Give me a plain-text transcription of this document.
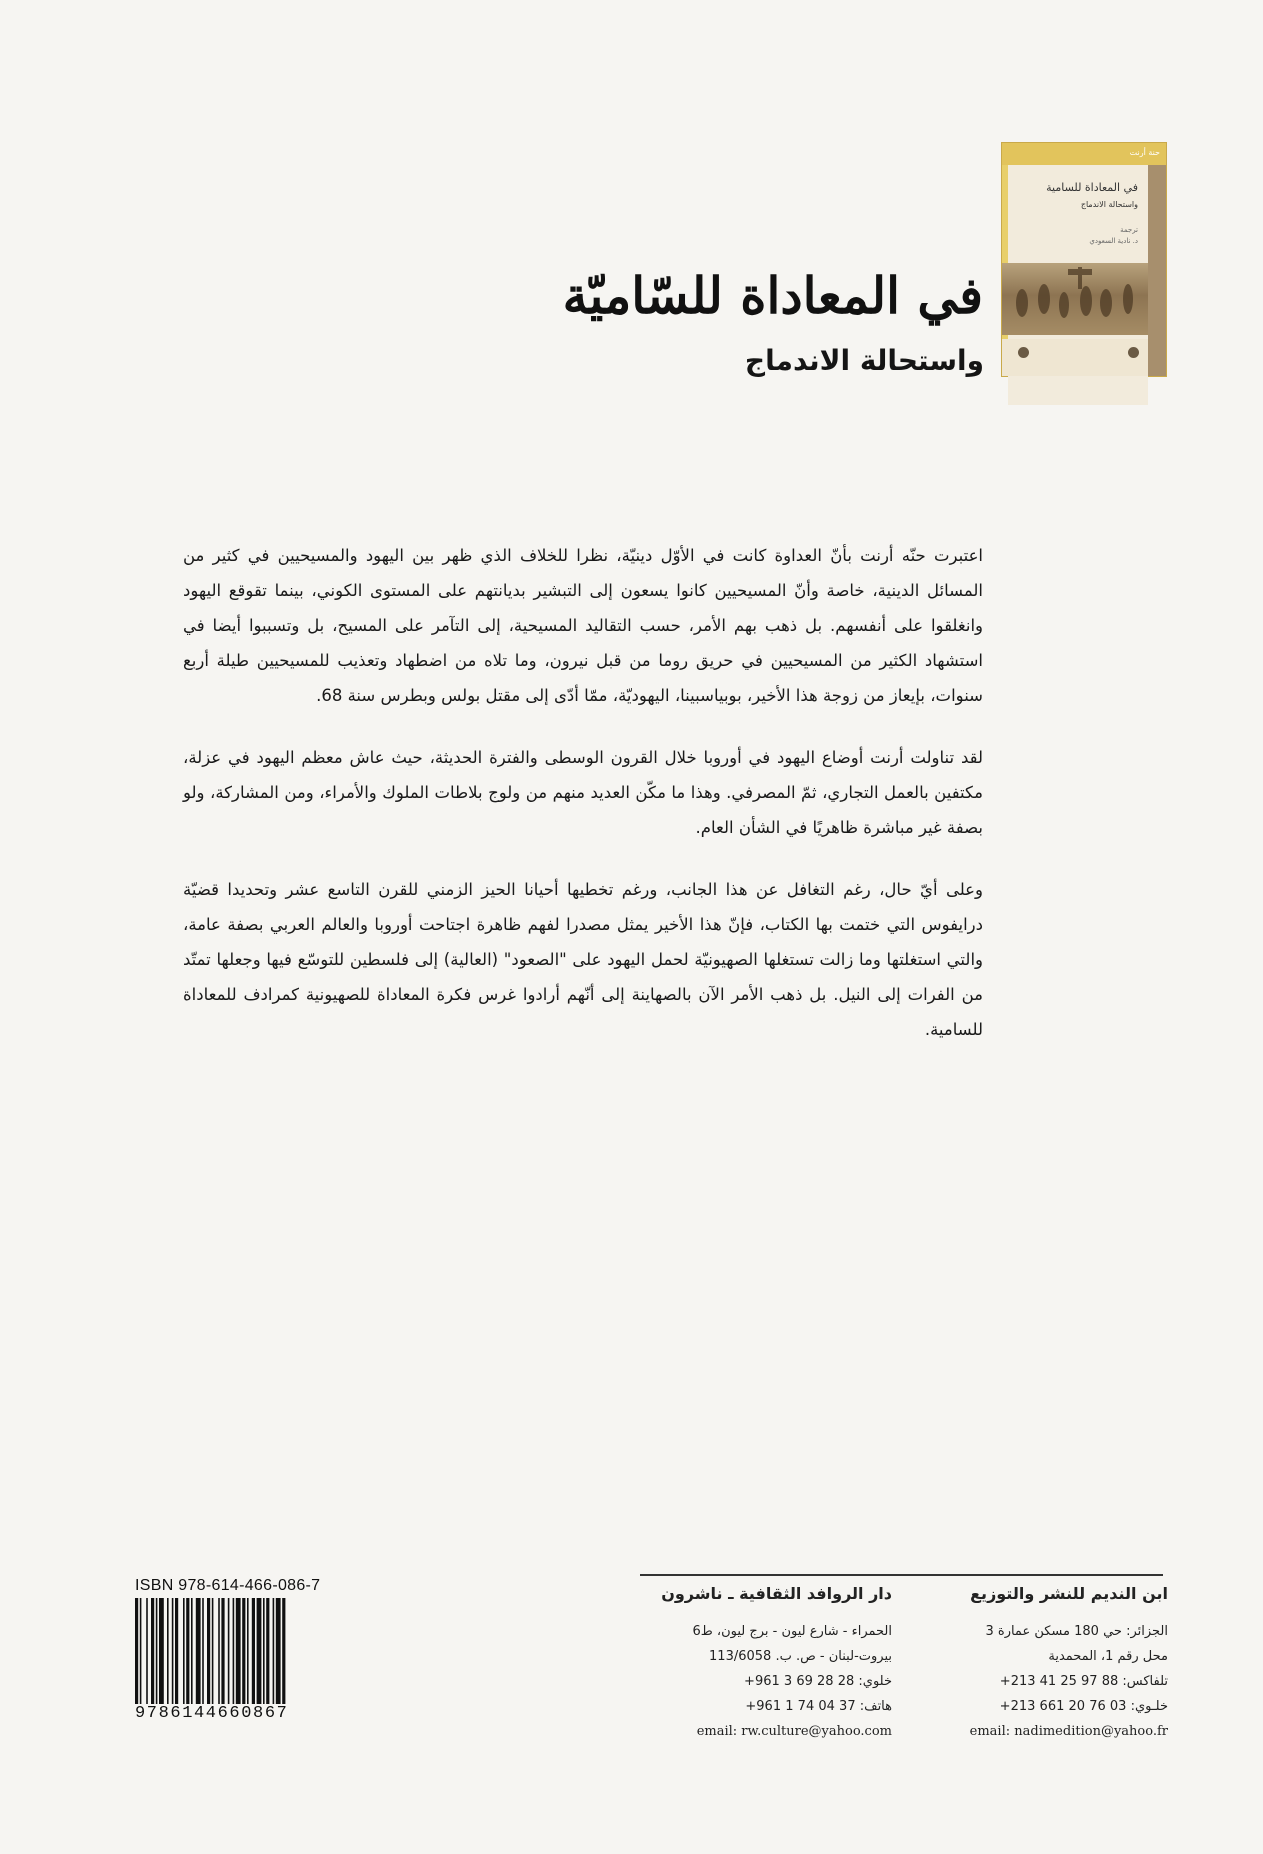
حنة أرنت
في المعاداة للسامية
واستحالة الاندماج
ترجمة
د. نادية السعودي
في المعاداة للسّاميّة
واستحالة الاندماج

اعتبرت حنّه أرنت بأنّ العداوة كانت في الأوّل دينيّة، نظرا للخلاف الذي ظهر بين اليهود والمسيحيين في كثير من المسائل الدينية، خاصة وأنّ المسيحيين كانوا يسعون إلى التبشير بديانتهم على المستوى الكوني، بينما تقوقع اليهود وانغلقوا على أنفسهم. بل ذهب بهم الأمر، حسب التقاليد المسيحية، إلى التآمر على المسيح، بل وتسببوا أيضا في استشهاد الكثير من المسيحيين في حريق روما من قبل نيرون، وما تلاه من اضطهاد وتعذيب للمسيحيين طيلة أربع سنوات، بإيعاز من زوجة هذا الأخير، بوبياسبينا، اليهوديّة، ممّا أدّى إلى مقتل بولس وبطرس سنة 68.

لقد تناولت أرنت أوضاع اليهود في أوروبا خلال القرون الوسطى والفترة الحديثة، حيث عاش معظم اليهود في عزلة، مكتفين بالعمل التجاري، ثمّ المصرفي. وهذا ما مكّن العديد منهم من ولوج بلاطات الملوك والأمراء، ومن المشاركة، ولو بصفة غير مباشرة ظاهريًا في الشأن العام.

وعلى أيّ حال، رغم التغافل عن هذا الجانب، ورغم تخطيها أحيانا الحيز الزمني للقرن التاسع عشر وتحديدا قضيّة درايفوس التي ختمت بها الكتاب، فإنّ هذا الأخير يمثل مصدرا لفهم ظاهرة اجتاحت أوروبا والعالم العربي بصفة عامة، والتي استغلتها وما زالت تستغلها الصهيونيّة لحمل اليهود على "الصعود" (العالية) إلى فلسطين للتوسّع فيها وجعلها تمتّد من الفرات إلى النيل. بل ذهب الأمر الآن بالصهاينة إلى أنّهم أرادوا غرس فكرة المعاداة للصهيونية كمرادف للمعاداة للسامية.

ابن النديم للنشر والتوزيع
الجزائر: حي 180 مسكن عمارة 3
محل رقم 1، المحمدية
تلفاكس: 88 97 25 41 213+
خلـوي: 03 76 20 661 213+
email: nadimedition@yahoo.fr
دار الروافد الثقافية ـ ناشرون
الحمراء - شارع ليون - برج ليون، ط6
بيروت-لبنان - ص. ب. 113/6058
خلوي: 28 28 69 3 961+
هاتف: 37 04 74 1 961+
email: rw.culture@yahoo.com
ISBN 978-614-466-086-7
9786144660867
